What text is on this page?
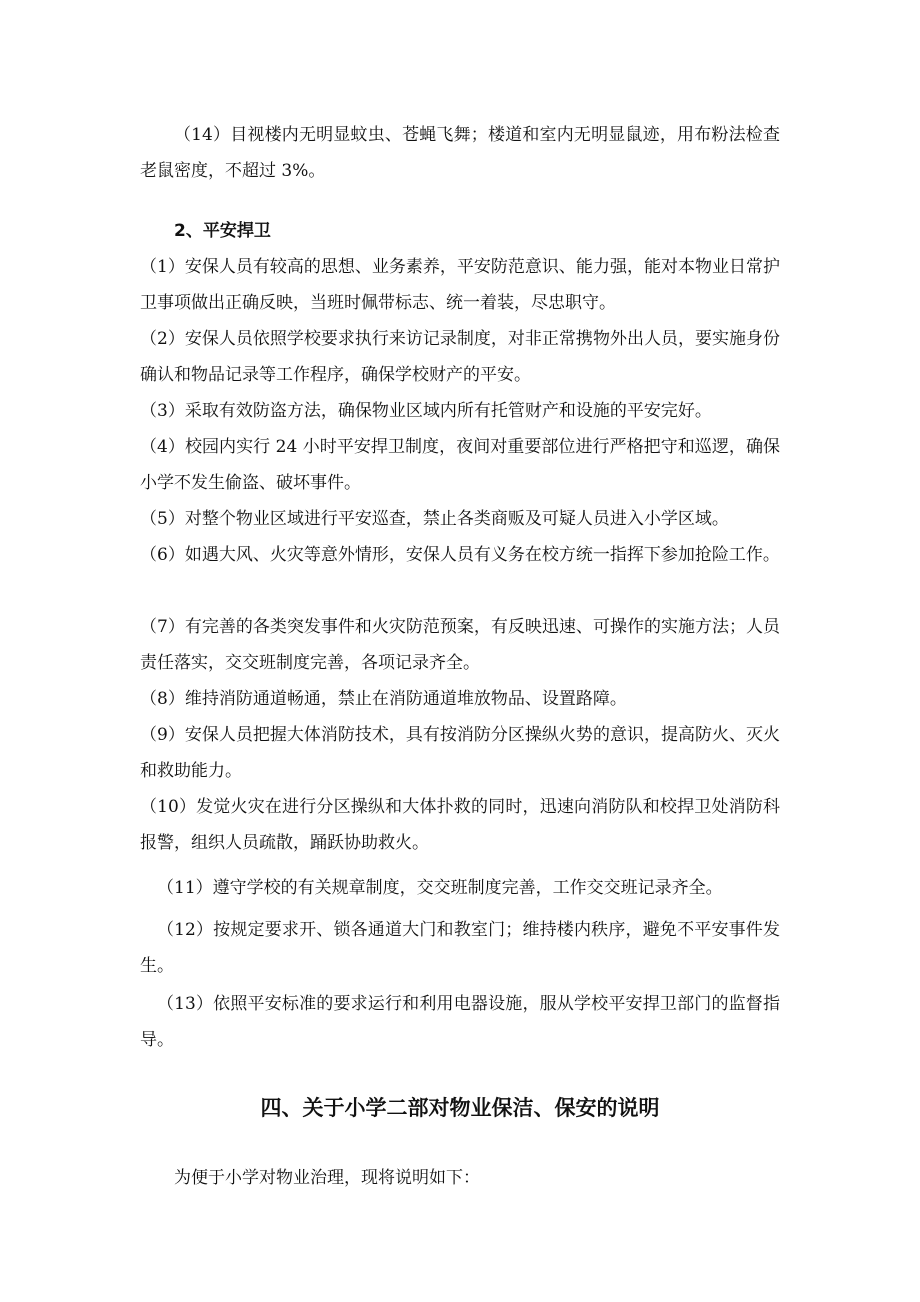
（14）目视楼内无明显蚊虫、苍蝇飞舞；楼道和室内无明显鼠迹，用布粉法检查老鼠密度，不超过 3%。

2、平安捍卫

（1）安保人员有较高的思想、业务素养，平安防范意识、能力强，能对本物业日常护卫事项做出正确反映，当班时佩带标志、统一着装，尽忠职守。

（2）安保人员依照学校要求执行来访记录制度，对非正常携物外出人员，要实施身份确认和物品记录等工作程序，确保学校财产的平安。

（3）采取有效防盗方法，确保物业区域内所有托管财产和设施的平安完好。

（4）校园内实行 24 小时平安捍卫制度，夜间对重要部位进行严格把守和巡逻，确保小学不发生偷盗、破坏事件。

（5）对整个物业区域进行平安巡查，禁止各类商贩及可疑人员进入小学区域。

（6）如遇大风、火灾等意外情形，安保人员有义务在校方统一指挥下参加抢险工作。

（7）有完善的各类突发事件和火灾防范预案，有反映迅速、可操作的实施方法；人员责任落实，交交班制度完善，各项记录齐全。

（8）维持消防通道畅通，禁止在消防通道堆放物品、设置路障。

（9）安保人员把握大体消防技术，具有按消防分区操纵火势的意识，提高防火、灭火和救助能力。

（10）发觉火灾在进行分区操纵和大体扑救的同时，迅速向消防队和校捍卫处消防科报警，组织人员疏散，踊跃协助救火。

（11）遵守学校的有关规章制度，交交班制度完善，工作交交班记录齐全。

（12）按规定要求开、锁各通道大门和教室门；维持楼内秩序，避免不平安事件发生。

（13）依照平安标准的要求运行和利用电器设施，服从学校平安捍卫部门的监督指导。

四、关于小学二部对物业保洁、保安的说明

为便于小学对物业治理，现将说明如下：
